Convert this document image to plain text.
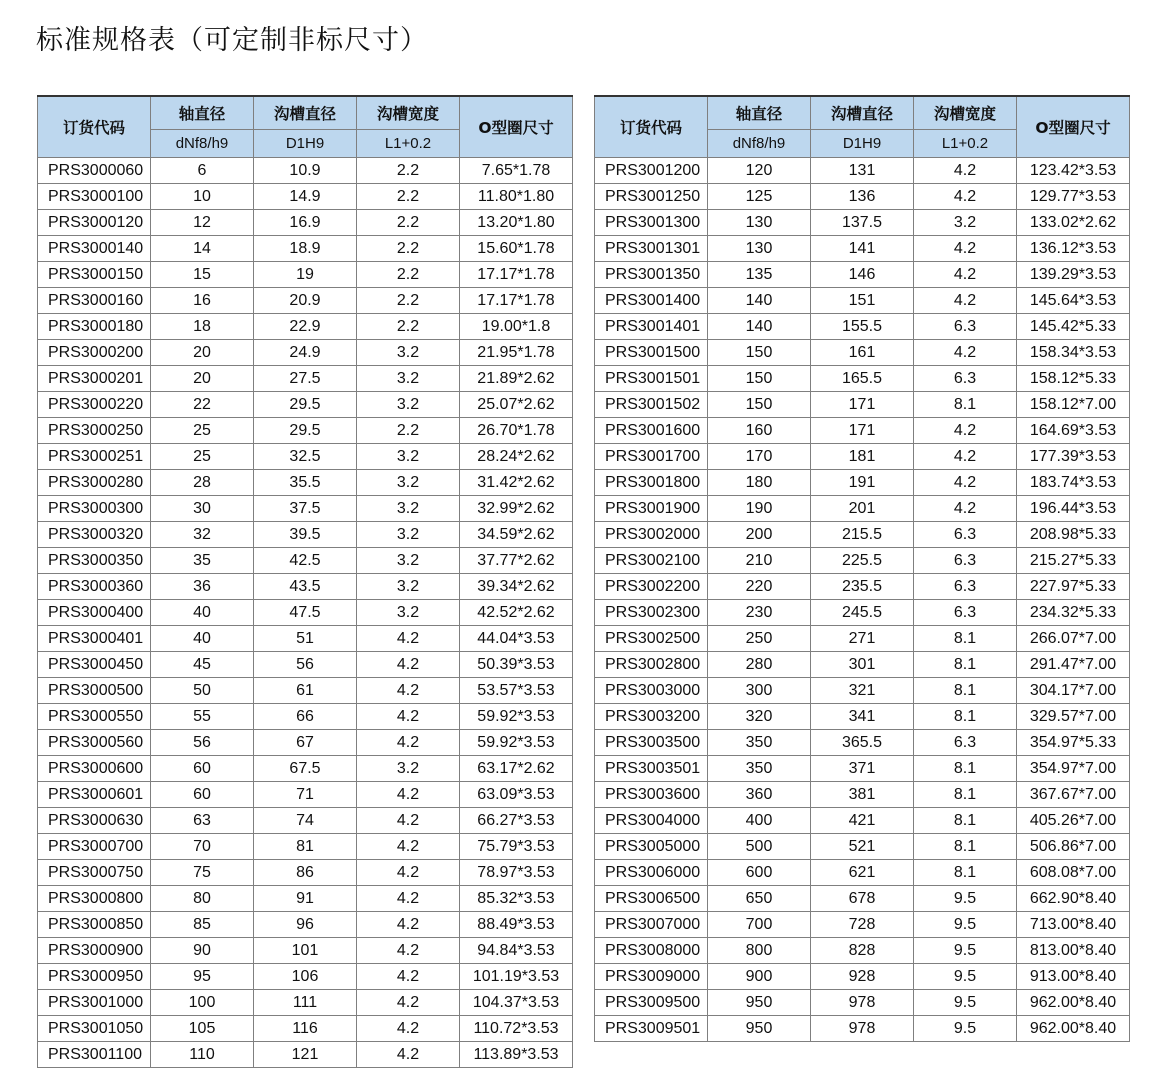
标准规格表（可定制非标尺寸）
订货代码	轴直径	沟槽直径	沟槽宽度	O型圈尺寸
	dNf8/h9	D1H9	L1+0.2	
PRS3000060	6	10.9	2.2	7.65*1.78
PRS3000100	10	14.9	2.2	11.80*1.80
PRS3000120	12	16.9	2.2	13.20*1.80
PRS3000140	14	18.9	2.2	15.60*1.78
PRS3000150	15	19	2.2	17.17*1.78
PRS3000160	16	20.9	2.2	17.17*1.78
PRS3000180	18	22.9	2.2	19.00*1.8
PRS3000200	20	24.9	3.2	21.95*1.78
PRS3000201	20	27.5	3.2	21.89*2.62
PRS3000220	22	29.5	3.2	25.07*2.62
PRS3000250	25	29.5	2.2	26.70*1.78
PRS3000251	25	32.5	3.2	28.24*2.62
PRS3000280	28	35.5	3.2	31.42*2.62
PRS3000300	30	37.5	3.2	32.99*2.62
PRS3000320	32	39.5	3.2	34.59*2.62
PRS3000350	35	42.5	3.2	37.77*2.62
PRS3000360	36	43.5	3.2	39.34*2.62
PRS3000400	40	47.5	3.2	42.52*2.62
PRS3000401	40	51	4.2	44.04*3.53
PRS3000450	45	56	4.2	50.39*3.53
PRS3000500	50	61	4.2	53.57*3.53
PRS3000550	55	66	4.2	59.92*3.53
PRS3000560	56	67	4.2	59.92*3.53
PRS3000600	60	67.5	3.2	63.17*2.62
PRS3000601	60	71	4.2	63.09*3.53
PRS3000630	63	74	4.2	66.27*3.53
PRS3000700	70	81	4.2	75.79*3.53
PRS3000750	75	86	4.2	78.97*3.53
PRS3000800	80	91	4.2	85.32*3.53
PRS3000850	85	96	4.2	88.49*3.53
PRS3000900	90	101	4.2	94.84*3.53
PRS3000950	95	106	4.2	101.19*3.53
PRS3001000	100	111	4.2	104.37*3.53
PRS3001050	105	116	4.2	110.72*3.53
PRS3001100	110	121	4.2	113.89*3.53
订货代码	轴直径	沟槽直径	沟槽宽度	O型圈尺寸
	dNf8/h9	D1H9	L1+0.2	
PRS3001200	120	131	4.2	123.42*3.53
PRS3001250	125	136	4.2	129.77*3.53
PRS3001300	130	137.5	3.2	133.02*2.62
PRS3001301	130	141	4.2	136.12*3.53
PRS3001350	135	146	4.2	139.29*3.53
PRS3001400	140	151	4.2	145.64*3.53
PRS3001401	140	155.5	6.3	145.42*5.33
PRS3001500	150	161	4.2	158.34*3.53
PRS3001501	150	165.5	6.3	158.12*5.33
PRS3001502	150	171	8.1	158.12*7.00
PRS3001600	160	171	4.2	164.69*3.53
PRS3001700	170	181	4.2	177.39*3.53
PRS3001800	180	191	4.2	183.74*3.53
PRS3001900	190	201	4.2	196.44*3.53
PRS3002000	200	215.5	6.3	208.98*5.33
PRS3002100	210	225.5	6.3	215.27*5.33
PRS3002200	220	235.5	6.3	227.97*5.33
PRS3002300	230	245.5	6.3	234.32*5.33
PRS3002500	250	271	8.1	266.07*7.00
PRS3002800	280	301	8.1	291.47*7.00
PRS3003000	300	321	8.1	304.17*7.00
PRS3003200	320	341	8.1	329.57*7.00
PRS3003500	350	365.5	6.3	354.97*5.33
PRS3003501	350	371	8.1	354.97*7.00
PRS3003600	360	381	8.1	367.67*7.00
PRS3004000	400	421	8.1	405.26*7.00
PRS3005000	500	521	8.1	506.86*7.00
PRS3006000	600	621	8.1	608.08*7.00
PRS3006500	650	678	9.5	662.90*8.40
PRS3007000	700	728	9.5	713.00*8.40
PRS3008000	800	828	9.5	813.00*8.40
PRS3009000	900	928	9.5	913.00*8.40
PRS3009500	950	978	9.5	962.00*8.40
PRS3009501	950	978	9.5	962.00*8.40
